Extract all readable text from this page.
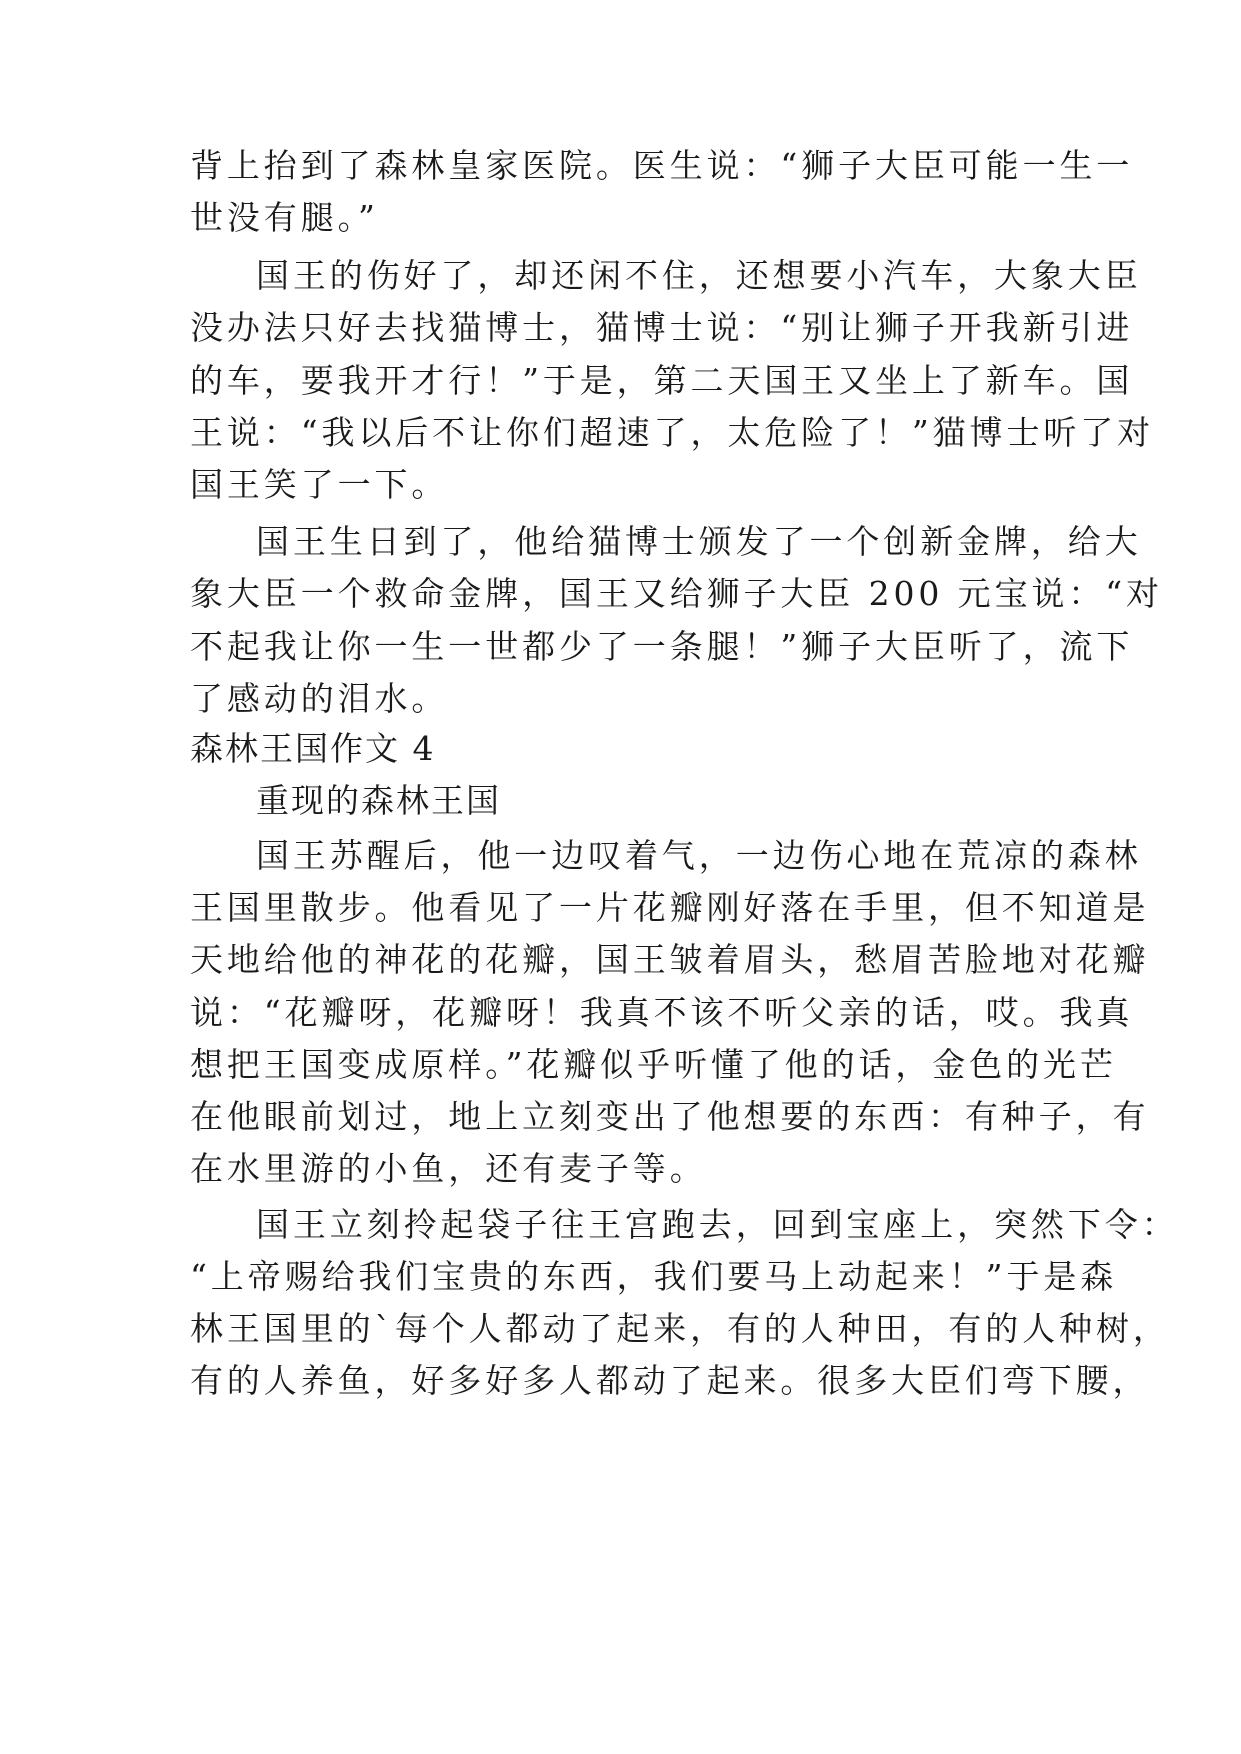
背上抬到了森林皇家医院。医生说：“狮子大臣可能一生一
世没有腿。”
国王的伤好了，却还闲不住，还想要小汽车，大象大臣
没办法只好去找猫博士，猫博士说：“别让狮子开我新引进
的车，要我开才行！”于是，第二天国王又坐上了新车。国
王说：“我以后不让你们超速了，太危险了！”猫博士听了对
国王笑了一下。
国王生日到了，他给猫博士颁发了一个创新金牌，给大
象大臣一个救命金牌，国王又给狮子大臣 200 元宝说：“对
不起我让你一生一世都少了一条腿！”狮子大臣听了，流下
了感动的泪水。
森林王国作文 4
重现的森林王国
国王苏醒后，他一边叹着气，一边伤心地在荒凉的森林
王国里散步。他看见了一片花瓣刚好落在手里，但不知道是
天地给他的神花的花瓣，国王皱着眉头，愁眉苦脸地对花瓣
说：“花瓣呀，花瓣呀！我真不该不听父亲的话，哎。我真
想把王国变成原样。”花瓣似乎听懂了他的话，金色的光芒
在他眼前划过，地上立刻变出了他想要的东西：有种子，有
在水里游的小鱼，还有麦子等。
国王立刻拎起袋子往王宫跑去，回到宝座上，突然下令：
“上帝赐给我们宝贵的东西，我们要马上动起来！”于是森
林王国里的`每个人都动了起来，有的人种田，有的人种树，
有的人养鱼，好多好多人都动了起来。很多大臣们弯下腰，
